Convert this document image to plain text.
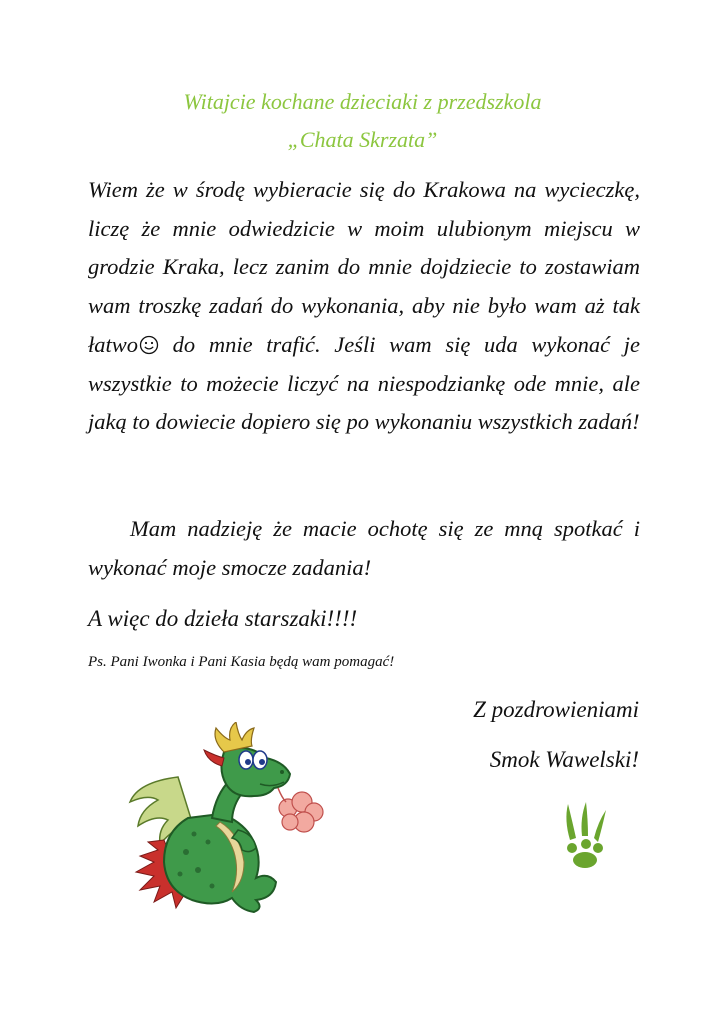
Witajcie kochane dzieciaki z przedszkola
„Chata Skrzata”

Wiem że w środę wybieracie się do Krakowa na wycieczkę, liczę że mnie odwiedzicie w moim ulubionym miejscu w grodzie Kraka, lecz zanim do mnie dojdziecie to zostawiam wam troszkę zadań do wykonania, aby nie było wam aż tak łatwo do mnie trafić. Jeśli wam się uda wykonać je wszystkie to możecie liczyć na niespodziankę ode mnie, ale jaką to dowiecie dopiero się po wykonaniu wszystkich zadań!

Mam nadzieję że macie ochotę się ze mną spotkać i wykonać moje smocze zadania!

A więc do dzieła starszaki!!!!

Ps. Pani Iwonka i Pani Kasia będą wam pomagać!
Z pozdrowieniami
Smok Wawelski!
